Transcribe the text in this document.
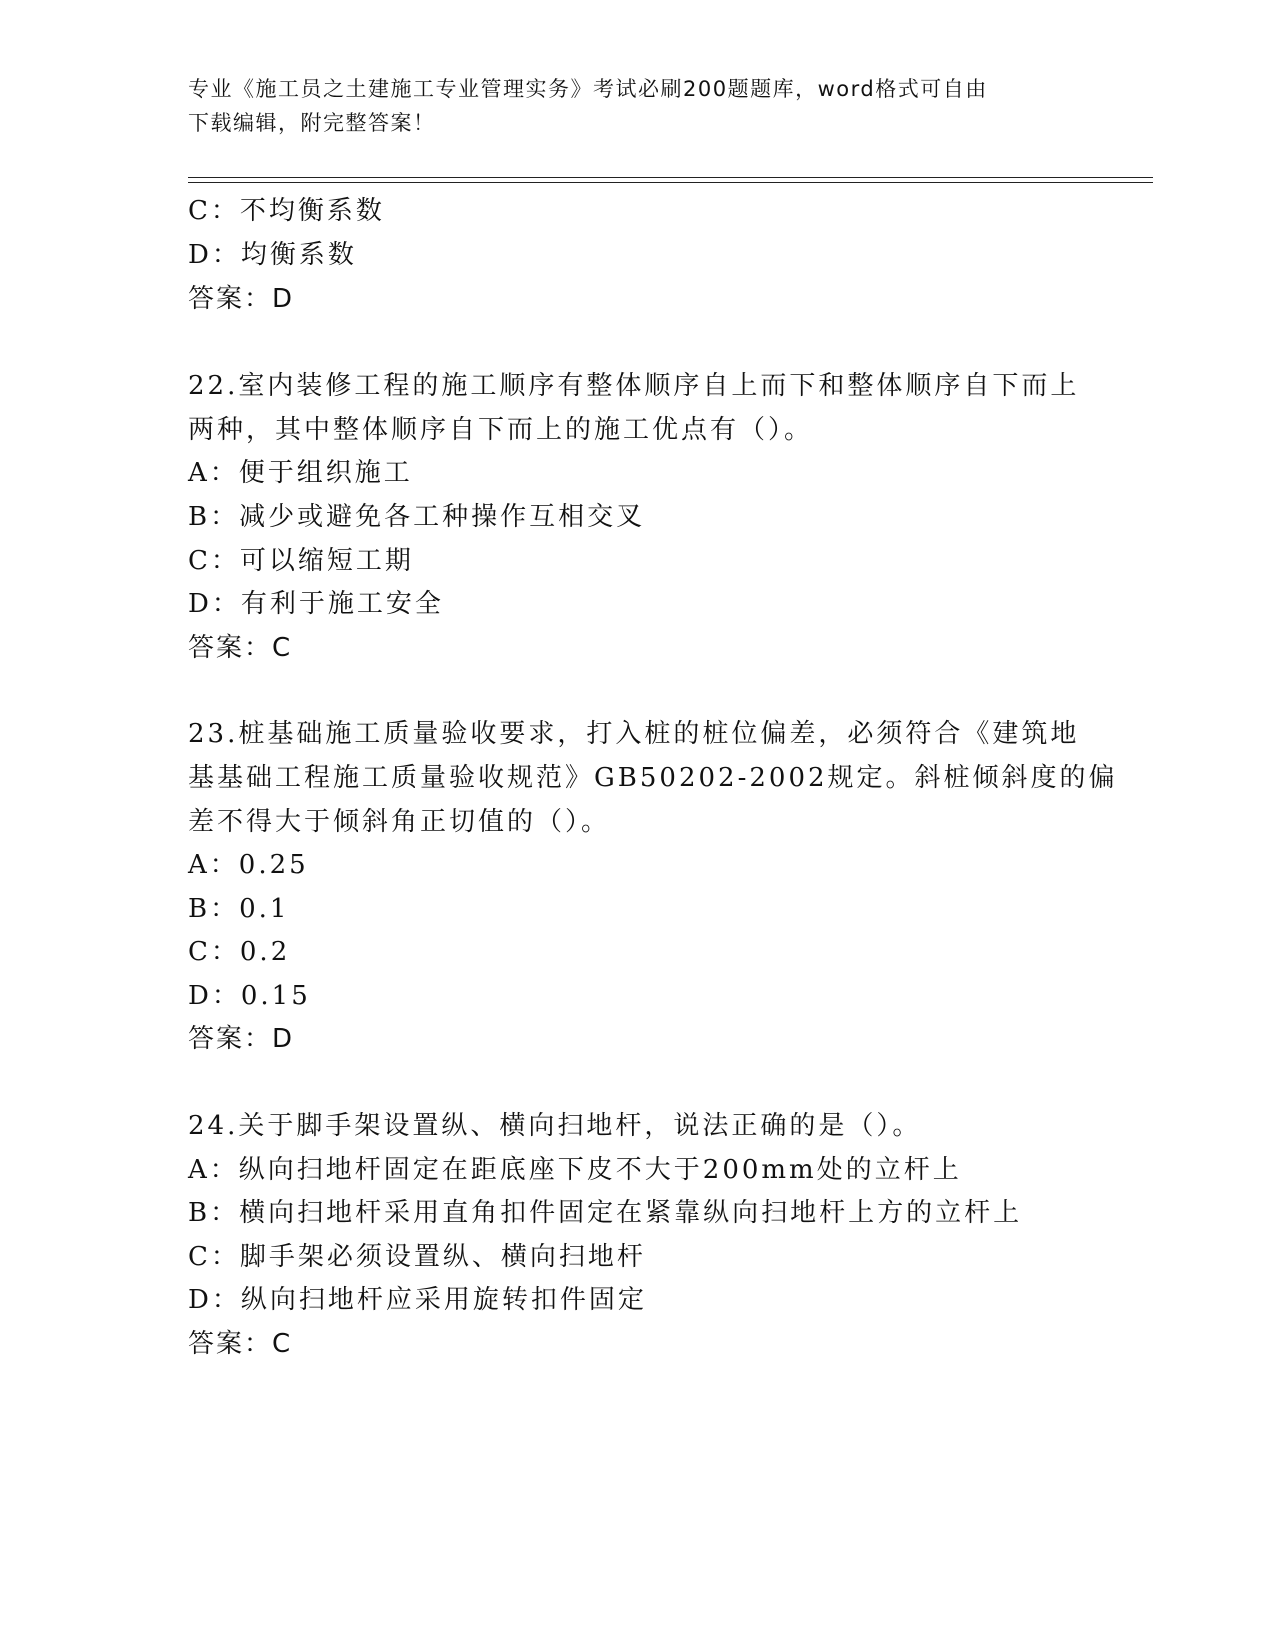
专业《施工员之土建施工专业管理实务》考试必刷200题题库，word格式可自由
下载编辑，附完整答案！
C：不均衡系数
D：均衡系数
答案：D
22.室内装修工程的施工顺序有整体顺序自上而下和整体顺序自下而上
两种，其中整体顺序自下而上的施工优点有（）。
A：便于组织施工
B：减少或避免各工种操作互相交叉
C：可以缩短工期
D：有利于施工安全
答案：C
23.桩基础施工质量验收要求，打入桩的桩位偏差，必须符合《建筑地
基基础工程施工质量验收规范》GB50202-2002规定。斜桩倾斜度的偏
差不得大于倾斜角正切值的（）。
A：0.25
B：0.1
C：0.2
D：0.15
答案：D
24.关于脚手架设置纵、横向扫地杆，说法正确的是（）。
A：纵向扫地杆固定在距底座下皮不大于200mm处的立杆上
B：横向扫地杆采用直角扣件固定在紧靠纵向扫地杆上方的立杆上
C：脚手架必须设置纵、横向扫地杆
D：纵向扫地杆应采用旋转扣件固定
答案：C
